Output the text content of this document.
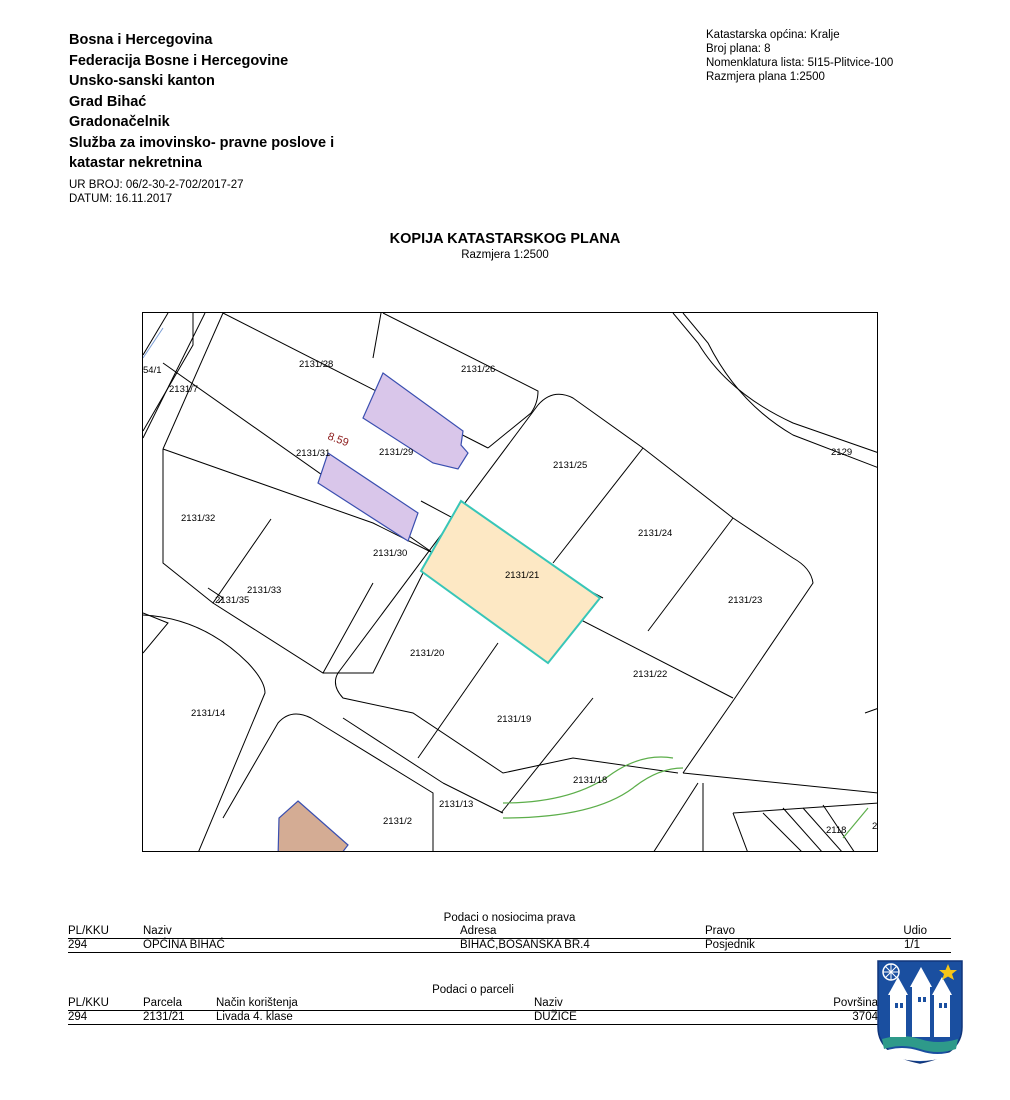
Bosna i Hercegovina
Federacija Bosne i Hercegovine
Unsko-sanski kanton
Grad Bihać
Gradonačelnik
Služba za imovinsko- pravne poslove i
katastar nekretnina
UR BROJ: 06/2-30-2-702/2017-27
DATUM: 16.11.2017
Katastarska općina: Kralje
Broj plana: 8
Nomenklatura lista: 5I15-Plitvice-100
Razmjera plana 1:2500
KOPIJA KATASTARSKOG PLANA
Razmjera 1:2500
54/1
2131/7
2131/28	2131/26
2131/31	2131/29
8.59
2131/32
2131/30
2131/25
2131/24
2129
2131/21
2131/33
2131/35	2131/23
2131/20
2131/22
2131/14
2131/19
2131/18
2131/13
2131/2
2118	2
Podaci o nosiocima prava
PL/KKU	Naziv	Adresa	Pravo	Udio
294	OPĆINA BIHAĆ	BIHAĆ,BOSANSKA BR.4	Posjednik	1/1
Podaci o parceli
PL/KKU	Parcela	Način korištenja	Naziv	Površina
294	2131/21	Livada 4. klase	DUŽICE	3704
